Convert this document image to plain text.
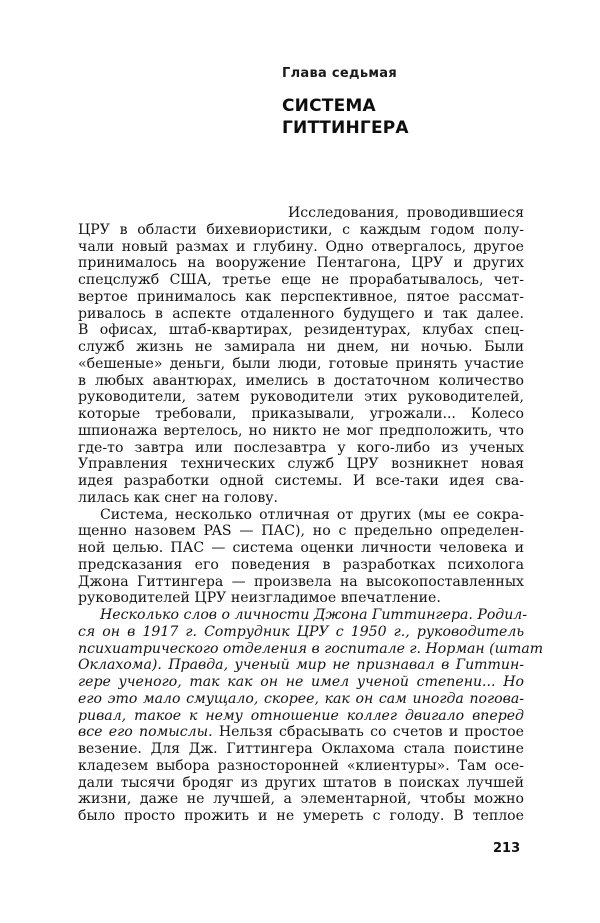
Глава седьмая
СИСТЕМА
ГИТТИНГЕРА
Исследования, проводившиеся
ЦРУ в области бихевиористики, с каждым годом полу-
чали новый размах и глубину. Одно отвергалось, другое
принималось на вооружение Пентагона, ЦРУ и других
спецслужб США, третье еще не прорабатывалось, чет-
вертое принималось как перспективное, пятое рассмат-
ривалось в аспекте отдаленного будущего и так далее.
В офисах, штаб-квартирах, резидентурах, клубах спец-
служб жизнь не замирала ни днем, ни ночью. Были
«бешеные» деньги, были люди, готовые принять участие
в любых авантюрах, имелись в достаточном количество
руководители, затем руководители этих руководителей,
которые требовали, приказывали, угрожали... Колесо
шпионажа вертелось, но никто не мог предположить, что
где-то завтра или послезавтра у кого-либо из ученых
Управления технических служб ЦРУ возникнет новая
идея разработки одной системы. И все-таки идея сва-
лилась как снег на голову.
Система, несколько отличная от других (мы ее сокра-
щенно назовем PAS — ПАС), но с предельно определен-
ной целью. ПАС — система оценки личности человека и
предсказания его поведения в разработках психолога
Джона Гиттингера — произвела на высокопоставленных
руководителей ЦРУ неизгладимое впечатление.
Несколько слов о личности Джона Гиттингера. Родил-
ся он в 1917 г. Сотрудник ЦРУ с 1950 г., руководитель
психиатрического отделения в госпитале г. Норман (штат
Оклахома). Правда, ученый мир не признавал в Гиттин-
гере ученого, так как он не имел ученой степени... Но
его это мало смущало, скорее, как он сам иногда погова-
ривал, такое к нему отношение коллег двигало вперед
все его помыслы. Нельзя сбрасывать со счетов и простое
везение. Для Дж. Гиттингера Оклахома стала поистине
кладезем выбора разносторонней «клиентуры». Там осе-
дали тысячи бродяг из других штатов в поисках лучшей
жизни, даже не лучшей, а элементарной, чтобы можно
было просто прожить и не умереть с голоду. В теплое
213
